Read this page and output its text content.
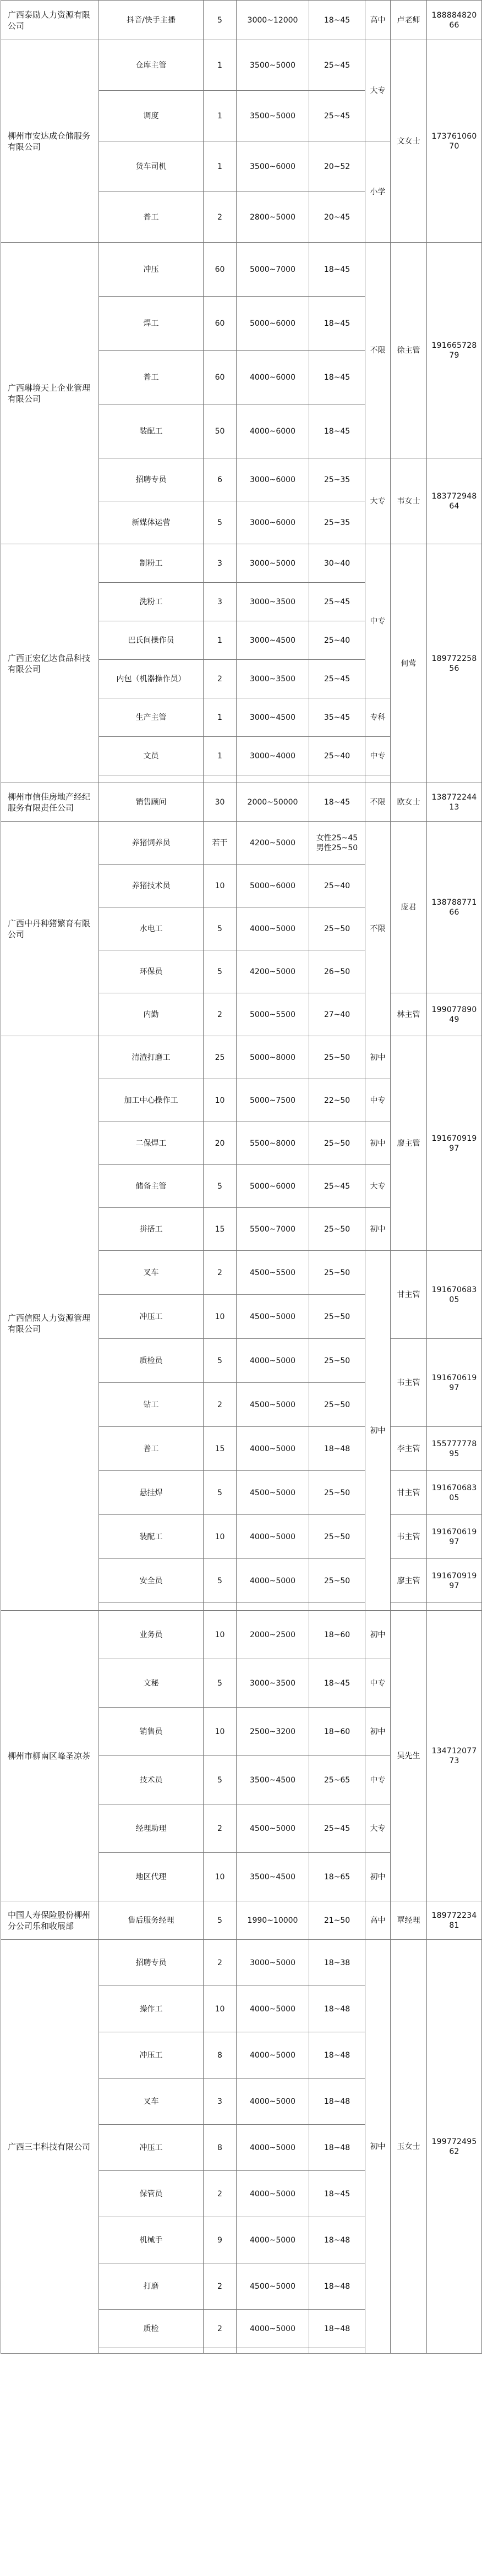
广西泰励人力资源有限公司	抖音/快手主播	5	3000~12000	18~45	高中	卢老师	18888482066
柳州市安达成仓储服务有限公司	仓库主管	1	3500~5000	25~45	大专	文女士	17376106070
	调度	1	3500~5000	25~45			
	货车司机	1	3500~6000	20~52	小学		
	普工	2	2800~5000	20~45			
广西琳境天上企业管理有限公司	冲压	60	5000~7000	18~45	不限	徐主管	19166572879
	焊工	60	5000~6000	18~45			
	普工	60	4000~6000	18~45			
	装配工	50	4000~6000	18~45			
	招聘专员	6	3000~6000	25~35	大专	韦女士	18377294864
	新媒体运营	5	3000~6000	25~35			
广西正宏亿达食品科技有限公司	制粉工	3	3000~5000	30~40	中专	何莺	18977225856
	洗粉工	3	3000~3500	25~45			
	巴氏间操作员	1	3000~4500	25~40			
	内包（机器操作员）	2	3000~3500	25~45			
	生产主管	1	3000~4500	35~45	专科		
	文员	1	3000~4000	25~40	中专		

柳州市信佳房地产经纪服务有限责任公司	销售顾问	30	2000~50000	18~45	不限	欧女士	13877224413
广西中丹种猪繁育有限公司	养猪饲养员	若干	4200~5000	女性25~45 男性25~50	不限	庞君	13878877166
	养猪技术员	10	5000~6000	25~40			
	水电工	5	4000~5000	25~50			
	环保员	5	4200~5000	26~50			
	内勤	2	5000~5500	27~40		林主管	19907789049
广西信熙人力资源管理有限公司	清渣打磨工	25	5000~8000	25~50	初中	廖主管	19167091997
	加工中心操作工	10	5000~7500	22~50	中专		
	二保焊工	20	5500~8000	25~50	初中		
	储备主管	5	5000~6000	25~45	大专		
	拼搭工	15	5500~7000	25~50	初中		
	叉车	2	4500~5500	25~50	初中	甘主管	19167068305
	冲压工	10	4500~5000	25~50			
	质检员	5	4000~5000	25~50		韦主管	19167061997
	钻工	2	4500~5000	25~50			
	普工	15	4000~5000	18~48		李主管	15577777895
	悬挂焊	5	4500~5000	25~50		甘主管	19167068305
	装配工	10	4000~5000	25~50		韦主管	19167061997
	安全员	5	4000~5000	25~50		廖主管	19167091997

柳州市柳南区峰圣凉茶	业务员	10	2000~2500	18~60	初中	吴先生	13471207773
	文秘	5	3000~3500	18~45	中专		
	销售员	10	2500~3200	18~60	初中		
	技术员	5	3500~4500	25~65	中专		
	经理助理	2	4500~5000	25~45	大专		
	地区代理	10	3500~4500	18~65	初中		
中国人寿保险股份柳州分公司乐和收展部	售后服务经理	5	1990~10000	21~50	高中	覃经理	18977223481
广西三丰科技有限公司	招聘专员	2	3000~5000	18~38	初中	玉女士	19977249562
	操作工	10	4000~5000	18~48			
	冲压工	8	4000~5000	18~48			
	叉车	3	4000~5000	18~48			
	冲压工	8	4000~5000	18~48			
	保管员	2	4000~5000	18~45			
	机械手	9	4000~5000	18~48			
	打磨	2	4500~5000	18~48			
	质检	2	4000~5000	18~48			
